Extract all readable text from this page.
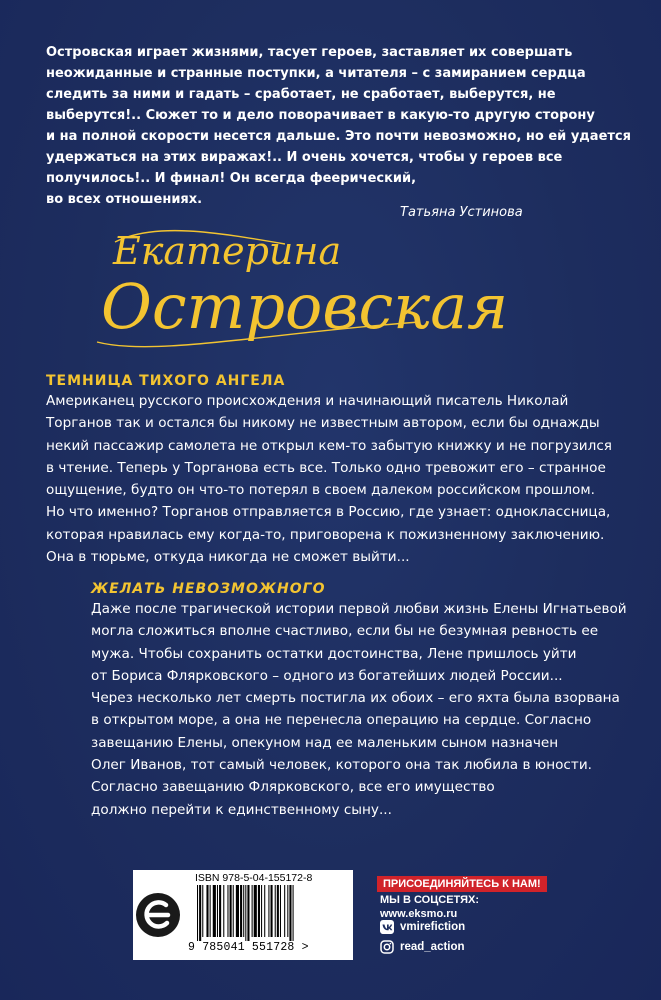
Островская играет жизнями, тасует героев, заставляет их совершать
неожиданные и странные поступки, а читателя – с замиранием сердца
следить за ними и гадать – сработает, не сработает, выберутся, не
выберутся!.. Сюжет то и дело поворачивает в какую-то другую сторону
и на полной скорости несется дальше. Это почти невозможно, но ей удается
удержаться на этих виражах!.. И очень хочется, чтобы у героев все
получилось!.. И финал! Он всегда феерический,
во всех отношениях.

Татьяна Устинова

Екатерина
Островская

ТЕМНИЦА ТИХОГО АНГЕЛА

Американец русского происхождения и начинающий писатель Николай
Торганов так и остался бы никому не известным автором, если бы однажды
некий пассажир самолета не открыл кем-то забытую книжку и не погрузился
в чтение. Теперь у Торганова есть все. Только одно тревожит его – странное
ощущение, будто он что-то потерял в своем далеком российском прошлом.
Но что именно? Торганов отправляется в Россию, где узнает: одноклассница,
которая нравилась ему когда-то, приговорена к пожизненному заключению.
Она в тюрьме, откуда никогда не сможет выйти...

ЖЕЛАТЬ НЕВОЗМОЖНОГО

Даже после трагической истории первой любви жизнь Елены Игнатьевой
могла сложиться вполне счастливо, если бы не безумная ревность ее
мужа. Чтобы сохранить остатки достоинства, Лене пришлось уйти
от Бориса Флярковского – одного из богатейших людей России...
Через несколько лет смерть постигла их обоих – его яхта была взорвана
в открытом море, а она не перенесла операцию на сердце. Согласно
завещанию Елены, опекуном над ее маленьким сыном назначен
Олег Иванов, тот самый человек, которого она так любила в юности.
Согласно завещанию Флярковского, все его имущество
должно перейти к единственному сыну...

ISBN 978-5-04-155172-8

9 785041 551728 >

ПРИСОЕДИНЯЙТЕСЬ К НАМ!
МЫ В СОЦСЕТЯХ:
www.eksmo.ru
vmirefiction
read_action
